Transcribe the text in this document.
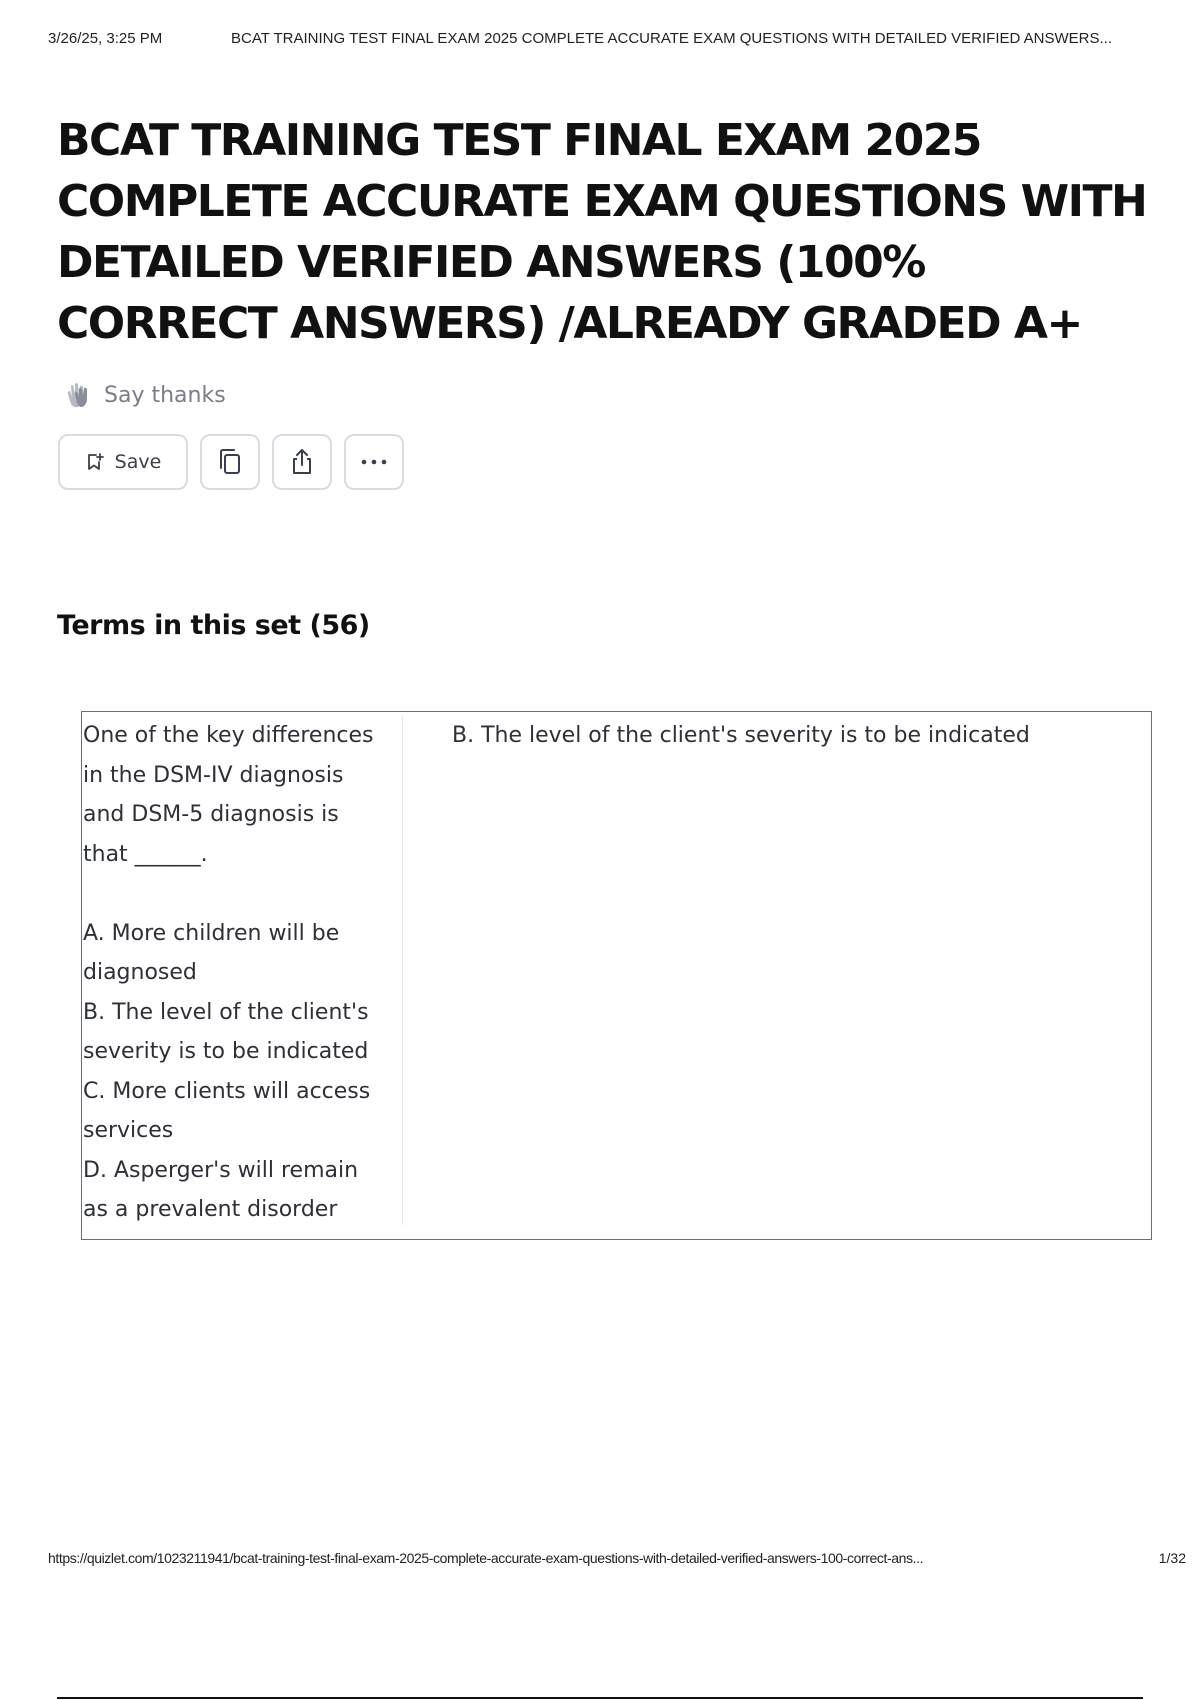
3/26/25, 3:25 PM	BCAT TRAINING TEST FINAL EXAM 2025 COMPLETE ACCURATE EXAM QUESTIONS WITH DETAILED VERIFIED ANSWERS...
BCAT TRAINING TEST FINAL EXAM 2025 COMPLETE ACCURATE EXAM QUESTIONS WITH DETAILED VERIFIED ANSWERS (100% CORRECT ANSWERS) /ALREADY GRADED A+
Say thanks
Save
Terms in this set (56)
One of the key differences
in the DSM-IV diagnosis
and DSM-5 diagnosis is
that ______.

A. More children will be
diagnosed
B. The level of the client's
severity is to be indicated
C. More clients will access
services
D. Asperger's will remain
as a prevalent disorder
B. The level of the client's severity is to be indicated
https://quizlet.com/1023211941/bcat-training-test-final-exam-2025-complete-accurate-exam-questions-with-detailed-verified-answers-100-correct-ans...	1/32
